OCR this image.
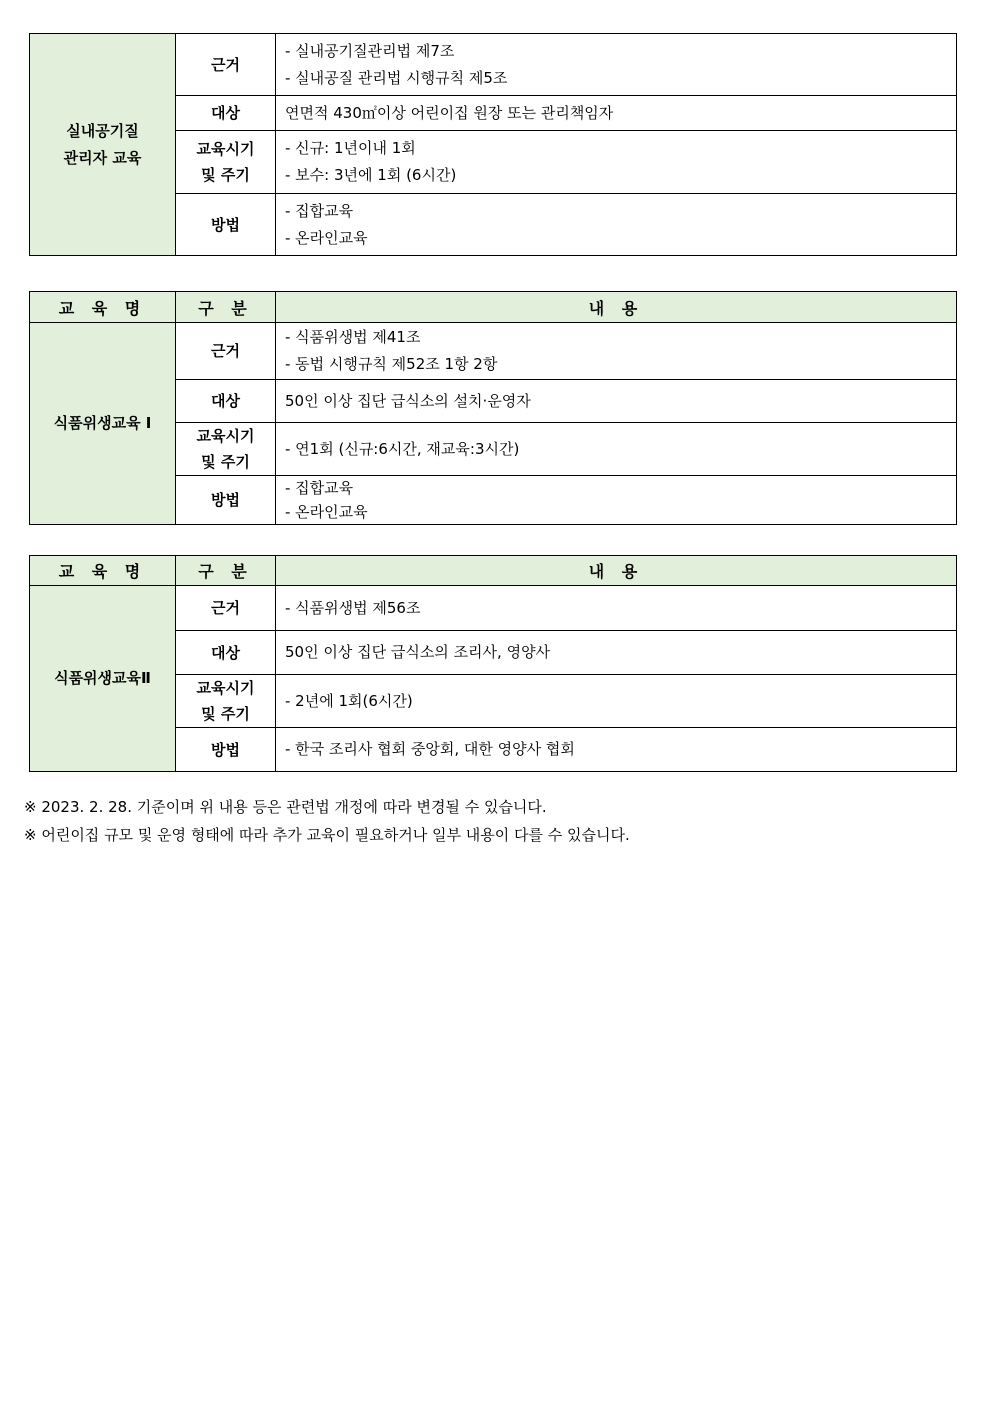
실내공기질
관리자 교육	근거	- 실내공기질관리법 제7조
- 실내공질 관리법 시행규칙 제5조

	대상	연면적 430㎡이상 어린이집 원장 또는 관리책임자
	교육시기
및 주기	- 신규: 1년이내 1회
- 보수: 3년에 1회 (6시간)

	방법	- 집합교육
- 온라인교육
교 육 명	구 분	내 용
식품위생교육 Ⅰ	근거	- 식품위생법 제41조
- 동법 시행규칙 제52조 1항 2항

	대상	50인 이상 집단 급식소의 설치·운영자
	교육시기
및 주기	- 연1회 (신규:6시간, 재교육:3시간)
	방법	- 집합교육
- 온라인교육
교 육 명	구 분	내 용
식품위생교육Ⅱ	근거	- 식품위생법 제56조
	대상	50인 이상 집단 급식소의 조리사, 영양사
	교육시기
및 주기	- 2년에 1회(6시간)
	방법	- 한국 조리사 협회 중앙회, 대한 영양사 협회
※ 2023. 2. 28. 기준이며 위 내용 등은 관련법 개정에 따라 변경될 수 있습니다.
※ 어린이집 규모 및 운영 형태에 따라 추가 교육이 필요하거나 일부 내용이 다를 수 있습니다.
